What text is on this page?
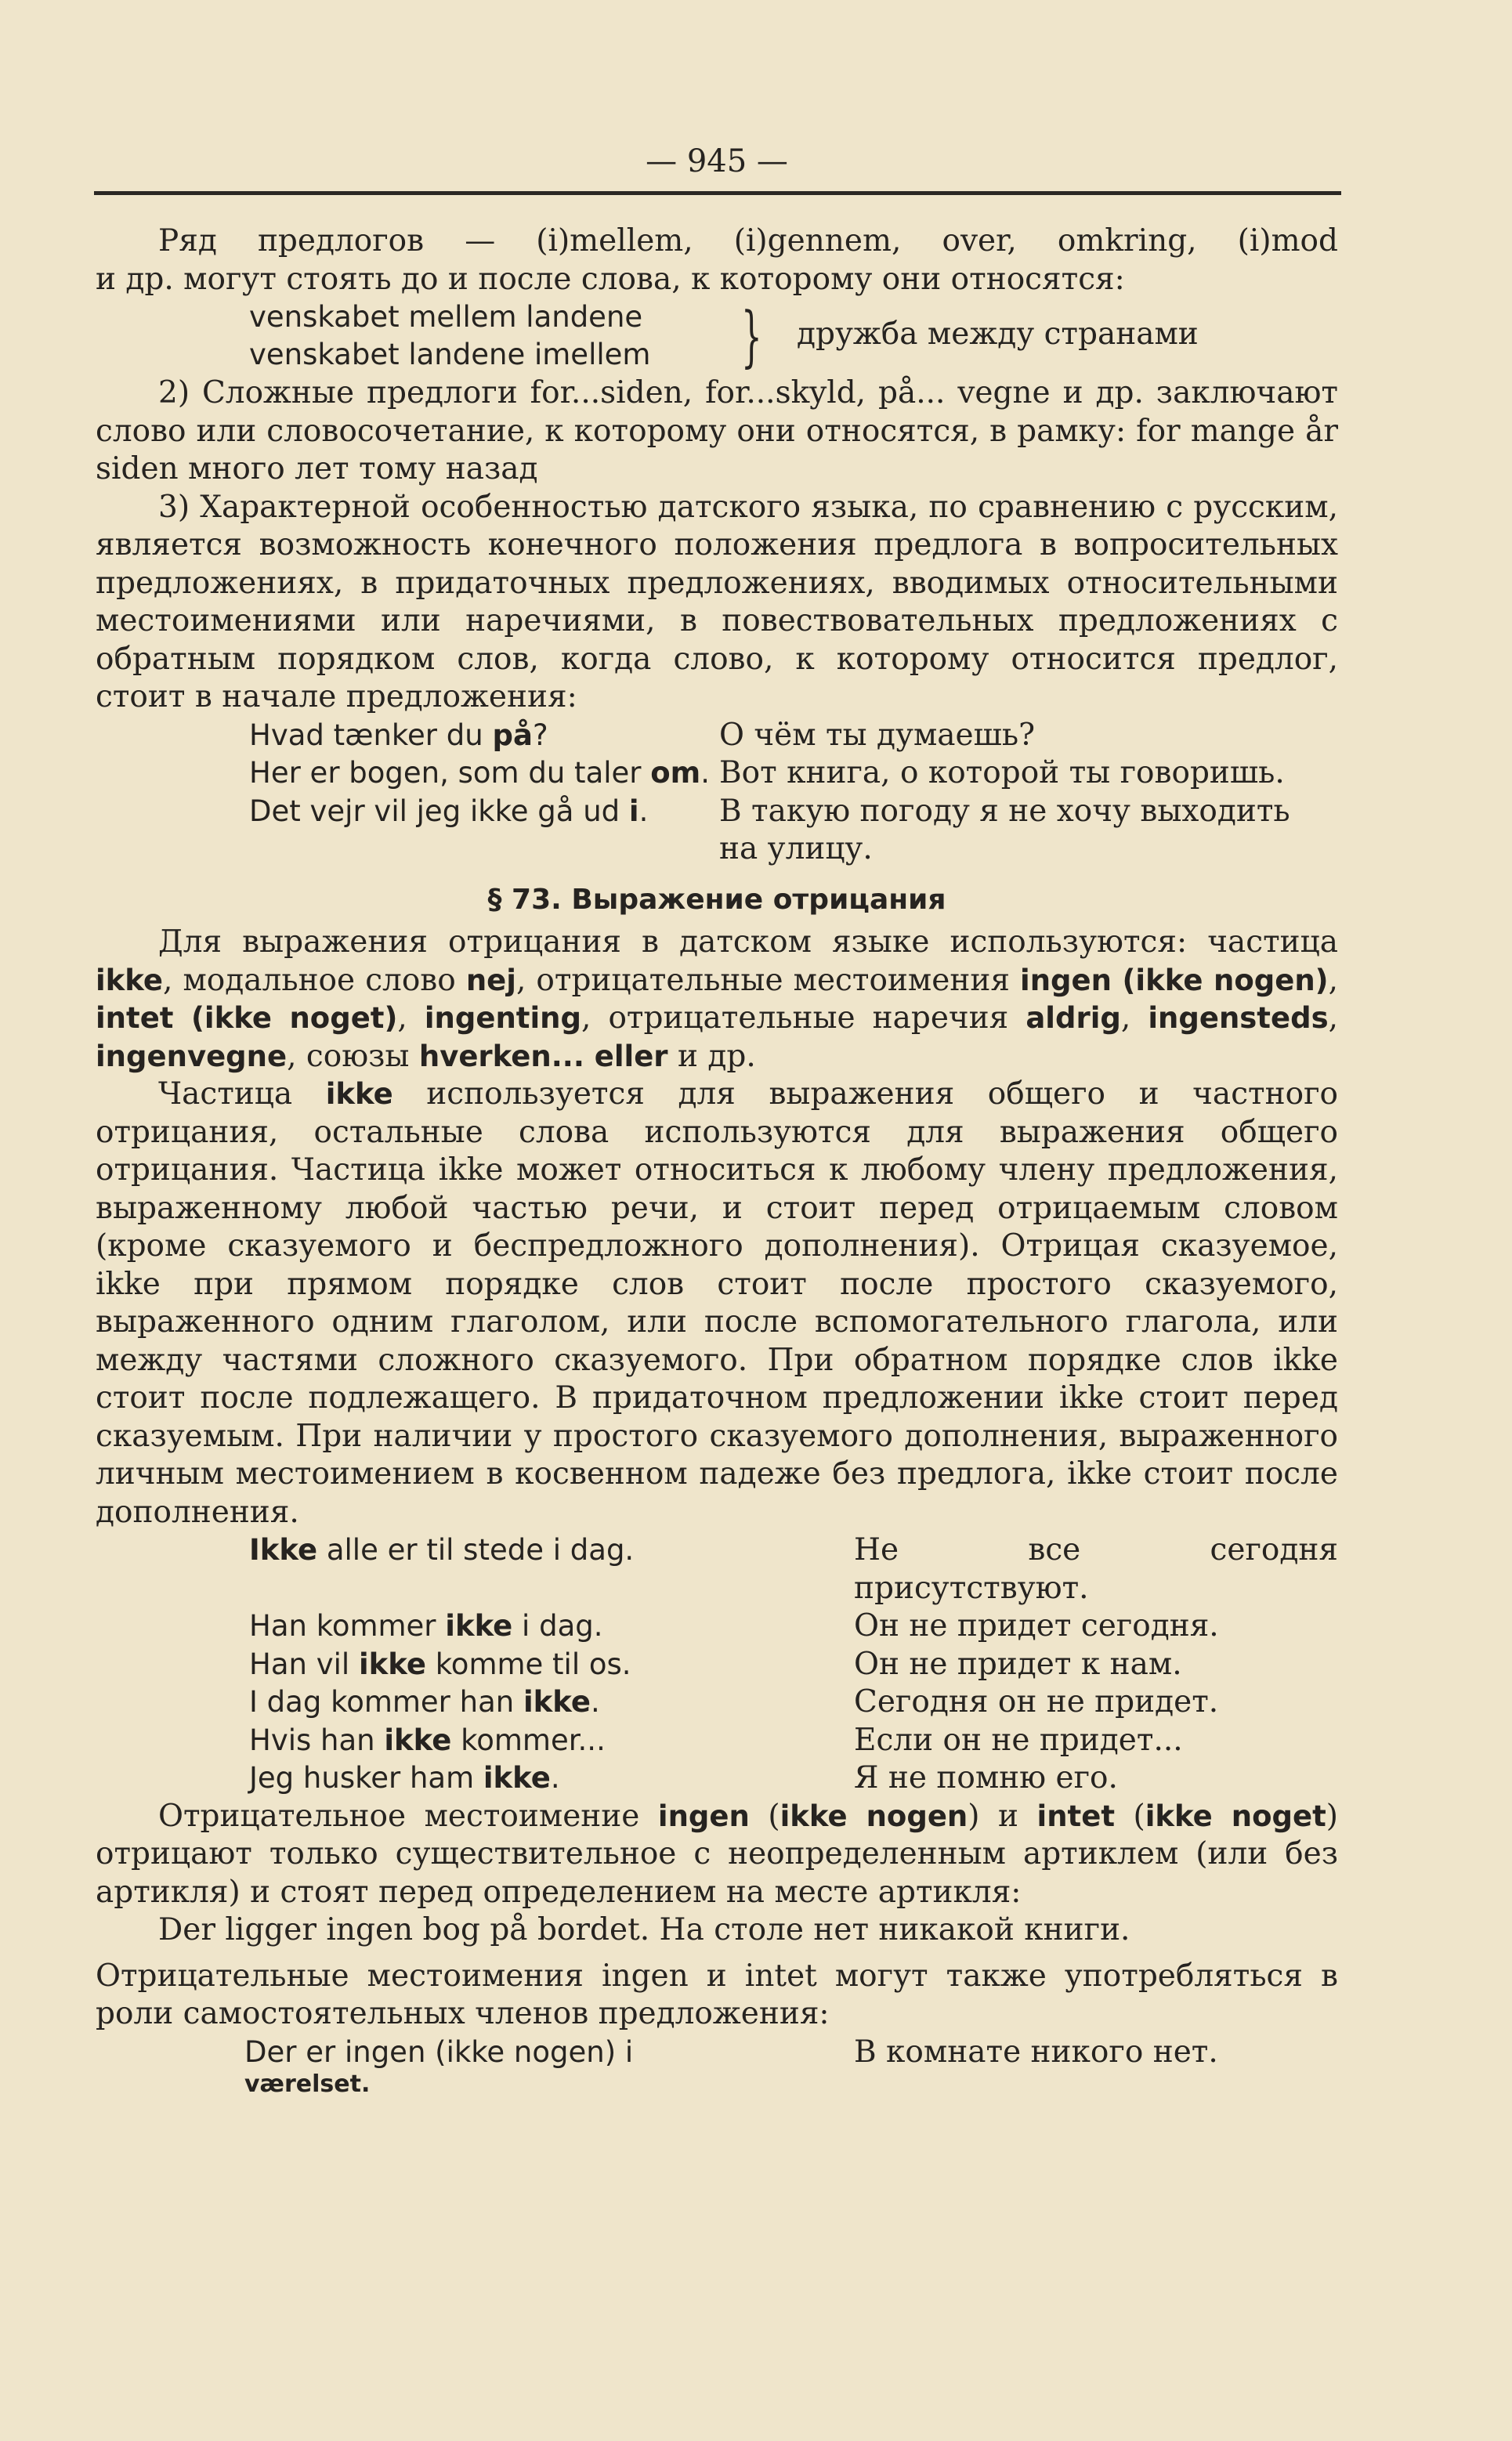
— 945 —

Ряд предлогов — (i)mellem, (i)gennem, over, omkring, (i)mod

и др. могут стоять до и после слова, к которому они относятся:

venskabet mellem landene
venskabet landene imellem } дружба между странами

2) Сложные предлоги for...siden, for...skyld, på... vegne и др. заключают слово или словосочетание, к которому они относятся, в рамку: for mange år siden много лет тому назад

3) Характерной особенностью датского языка, по сравнению с русским, является возможность конечного положения предлога в вопросительных предложениях, в придаточных предложениях, вводимых относительными местоимениями или наречиями, в повествовательных предложениях с обратным порядком слов, когда слово, к которому относится предлог, стоит в начале предложения:

Hvad tænker du på?	О чём ты думаешь?
Her er bogen, som du taler om. Вот книга, о которой ты говоришь.
Det vejr vil jeg ikke gå ud i.	В такую погоду я не хочу выходить на улицу.
§ 73. Выражение отрицания

Для выражения отрицания в датском языке используются: частица ikke, модальное слово nej, отрицательные местоимения ingen (ikke nogen), intet (ikke noget), ingenting, отрицательные наречия aldrig, ingensteds, ingenvegne, союзы hverken... eller и др.

Частица ikke используется для выражения общего и частного отрицания, остальные слова используются для выражения общего отрицания. Частица ikke может относиться к любому члену предложения, выраженному любой частью речи, и стоит перед отрицаемым словом (кроме сказуемого и беспредложного дополнения). Отрицая сказуемое, ikke при прямом порядке слов стоит после простого сказуемого, выраженного одним глаголом, или после вспомогательного глагола, или между частями сложного сказуемого. При обратном порядке слов ikke стоит после подлежащего. В придаточном предложении ikke стоит перед сказуемым. При наличии у простого сказуемого дополнения, выраженного личным местоимением в косвенном падеже без предлога, ikke стоит после дополнения.

Ikke alle er til stede i dag.	Не все сегодня присутствуют.
Han kommer ikke i dag.	Он не придет сегодня.
Han vil ikke komme til os.	Он не придет к нам.
I dag kommer han ikke.	Сегодня он не придет.
Hvis han ikke kommer...	Если он не придет...
Jeg husker ham ikke.	Я не помню его.

Отрицательное местоимение ingen (ikke nogen) и intet (ikke noget) отрицают только существительное с неопределенным артиклем (или без артикля) и стоят перед определением на месте артикля:

Der ligger ingen bog på bordet. На столе нет никакой книги.

Отрицательные местоимения ingen и intet могут также употребляться в роли самостоятельных членов предложения:

Der er ingen (ikke nogen) i	В комнате никого нет.
værelset.
